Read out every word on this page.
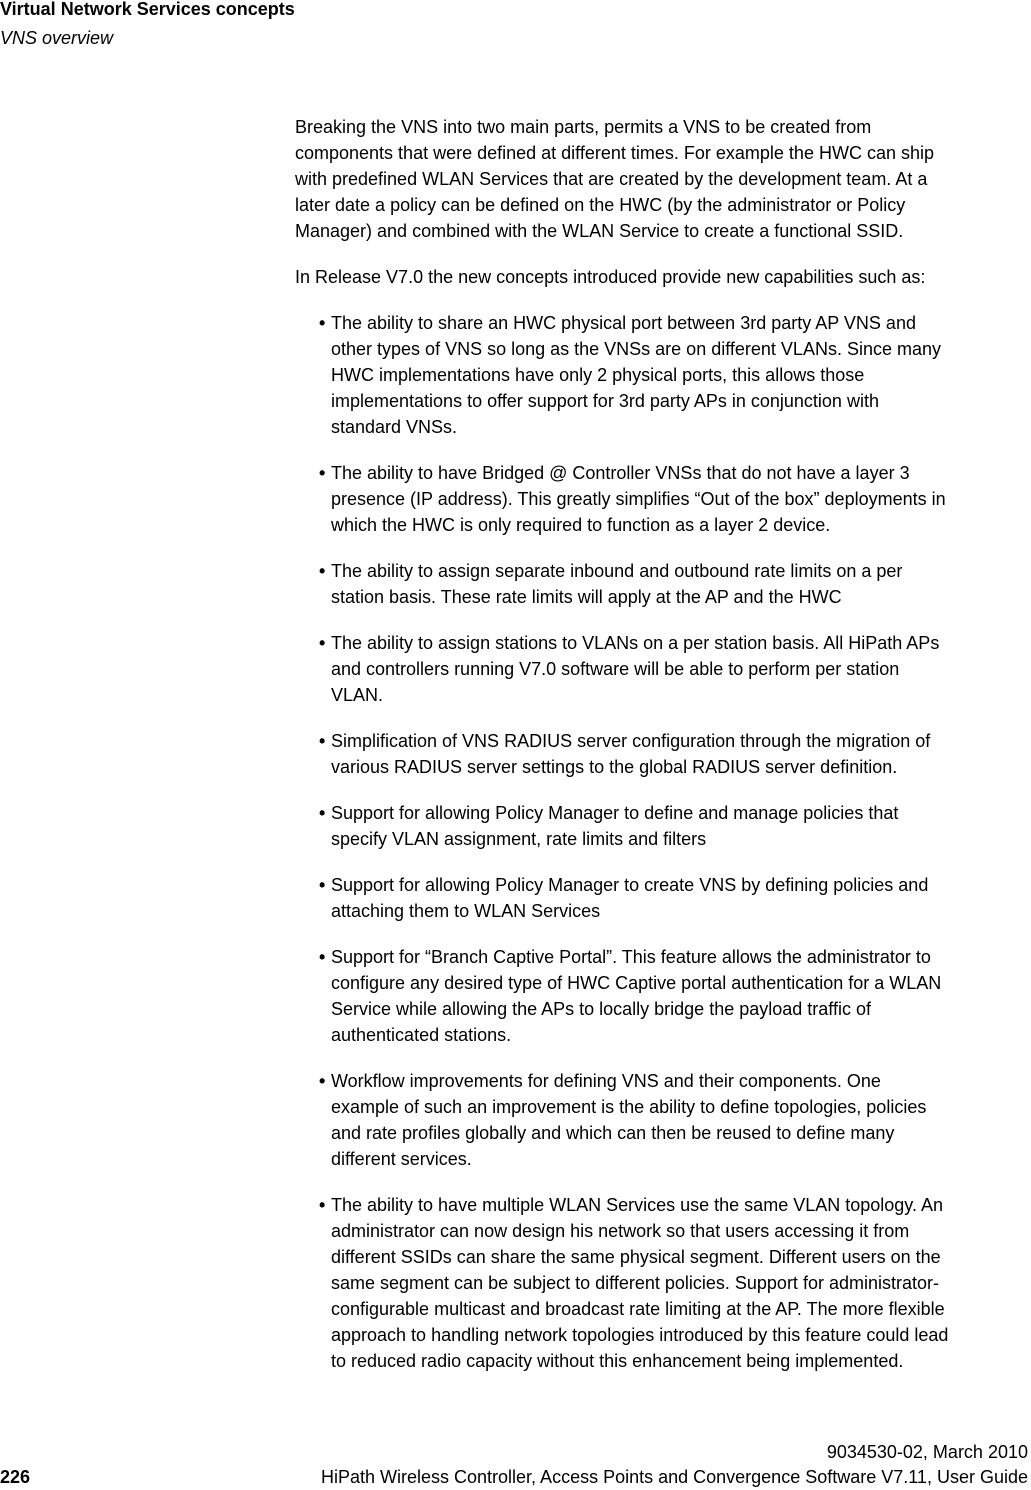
Virtual Network Services concepts
VNS overview

Breaking the VNS into two main parts, permits a VNS to be created from
components that were defined at different times. For example the HWC can ship
with predefined WLAN Services that are created by the development team. At a
later date a policy can be defined on the HWC (by the administrator or Policy
Manager) and combined with the WLAN Service to create a functional SSID.

In Release V7.0 the new concepts introduced provide new capabilities such as:

• The ability to share an HWC physical port between 3rd party AP VNS and
other types of VNS so long as the VNSs are on different VLANs. Since many
HWC implementations have only 2 physical ports, this allows those
implementations to offer support for 3rd party APs in conjunction with
standard VNSs.
• The ability to have Bridged @ Controller VNSs that do not have a layer 3
presence (IP address). This greatly simplifies “Out of the box” deployments in
which the HWC is only required to function as a layer 2 device.
• The ability to assign separate inbound and outbound rate limits on a per
station basis. These rate limits will apply at the AP and the HWC
• The ability to assign stations to VLANs on a per station basis. All HiPath APs
and controllers running V7.0 software will be able to perform per station
VLAN.
• Simplification of VNS RADIUS server configuration through the migration of
various RADIUS server settings to the global RADIUS server definition.
• Support for allowing Policy Manager to define and manage policies that
specify VLAN assignment, rate limits and filters
• Support for allowing Policy Manager to create VNS by defining policies and
attaching them to WLAN Services
• Support for “Branch Captive Portal”. This feature allows the administrator to
configure any desired type of HWC Captive portal authentication for a WLAN
Service while allowing the APs to locally bridge the payload traffic of
authenticated stations.
• Workflow improvements for defining VNS and their components. One
example of such an improvement is the ability to define topologies, policies
and rate profiles globally and which can then be reused to define many
different services.
• The ability to have multiple WLAN Services use the same VLAN topology. An
administrator can now design his network so that users accessing it from
different SSIDs can share the same physical segment. Different users on the
same segment can be subject to different policies. Support for administrator-
configurable multicast and broadcast rate limiting at the AP. The more flexible
approach to handling network topologies introduced by this feature could lead
to reduced radio capacity without this enhancement being implemented.
9034530-02, March 2010
226	HiPath Wireless Controller, Access Points and Convergence Software V7.11, User Guide
